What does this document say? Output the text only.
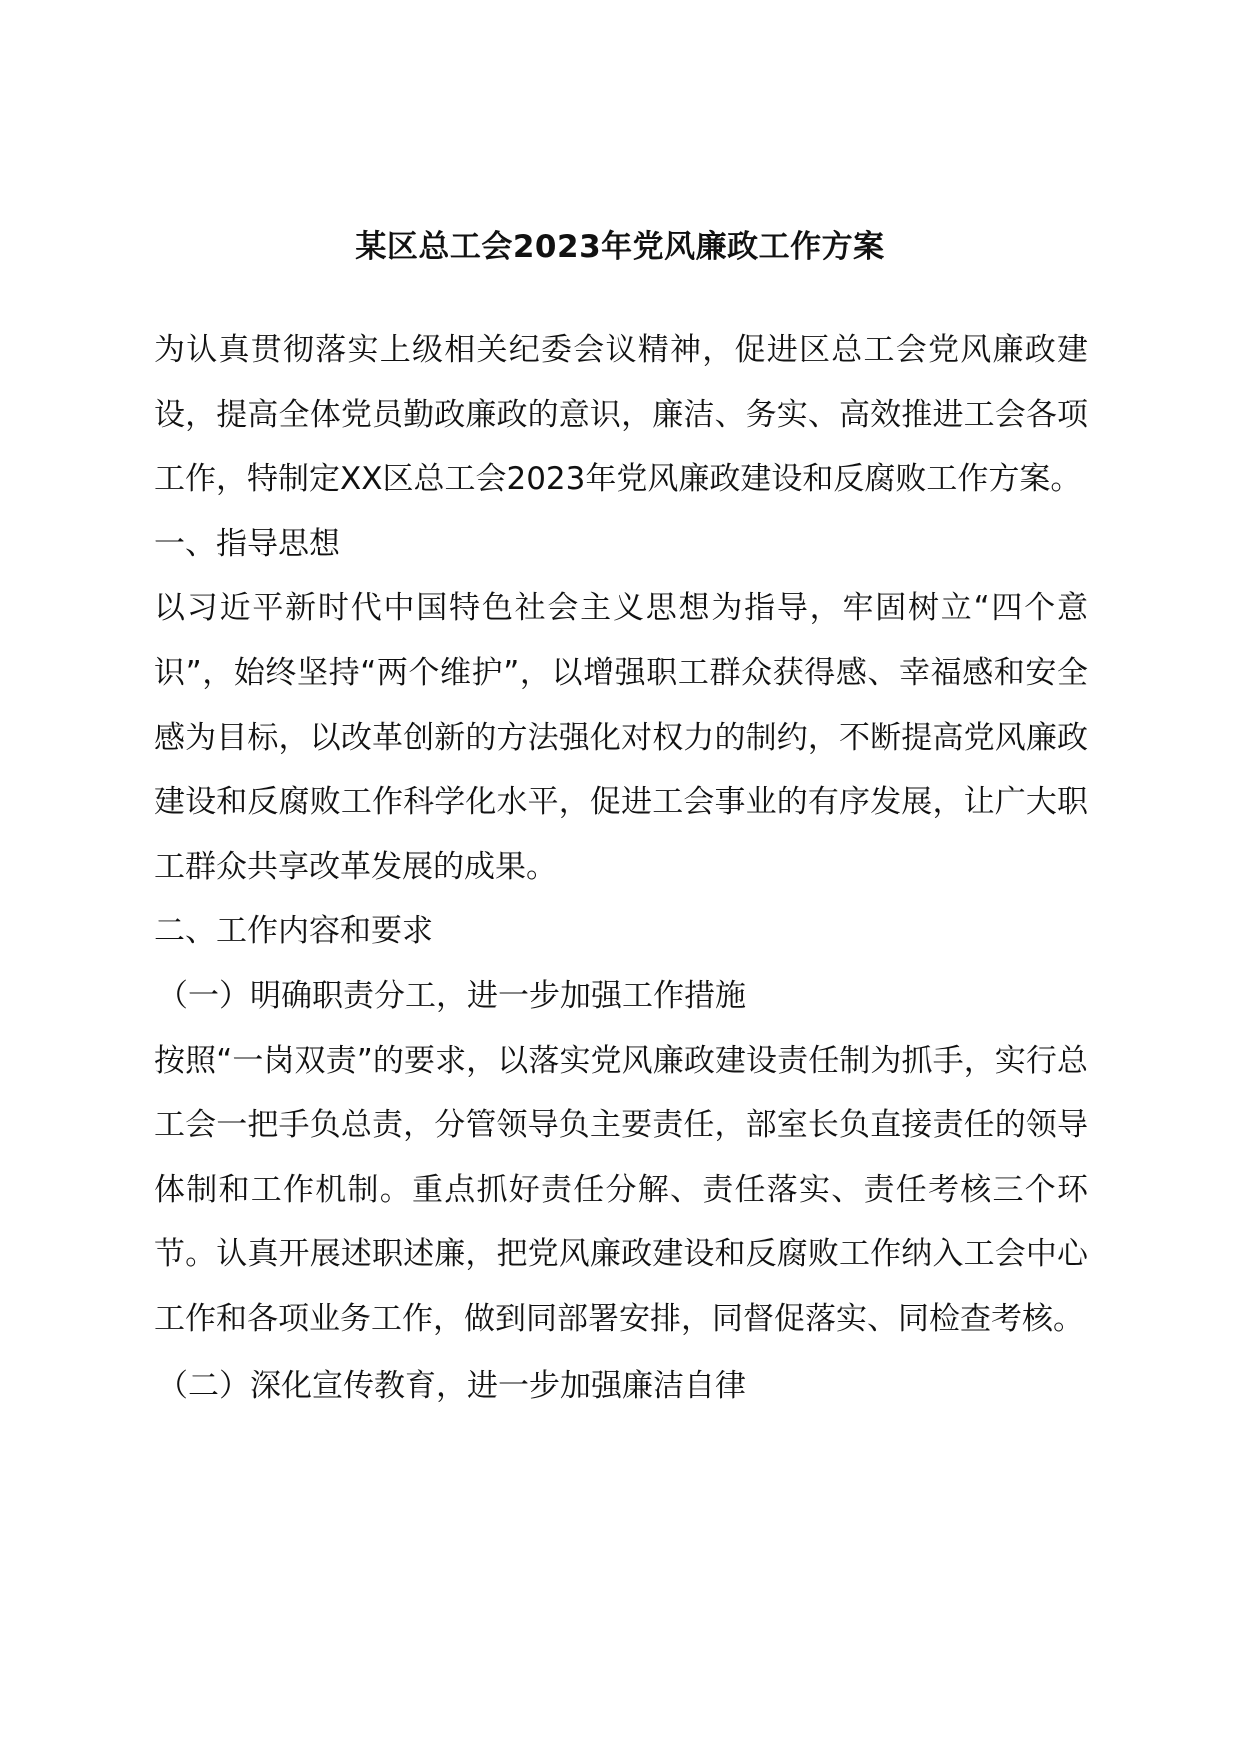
某区总工会2023年党风廉政工作方案

为认真贯彻落实上级相关纪委会议精神，促进区总工会党风廉政建设，提高全体党员勤政廉政的意识，廉洁、务实、高效推进工会各项工作，特制定XX区总工会2023年党风廉政建设和反腐败工作方案。

一、指导思想

以习近平新时代中国特色社会主义思想为指导，牢固树立“四个意识”，始终坚持“两个维护”，以增强职工群众获得感、幸福感和安全感为目标，以改革创新的方法强化对权力的制约，不断提高党风廉政建设和反腐败工作科学化水平，促进工会事业的有序发展，让广大职工群众共享改革发展的成果。

二、工作内容和要求

（一）明确职责分工，进一步加强工作措施

按照“一岗双责”的要求，以落实党风廉政建设责任制为抓手，实行总工会一把手负总责，分管领导负主要责任，部室长负直接责任的领导体制和工作机制。重点抓好责任分解、责任落实、责任考核三个环节。认真开展述职述廉，把党风廉政建设和反腐败工作纳入工会中心工作和各项业务工作，做到同部署安排，同督促落实、同检查考核。

（二）深化宣传教育，进一步加强廉洁自律
